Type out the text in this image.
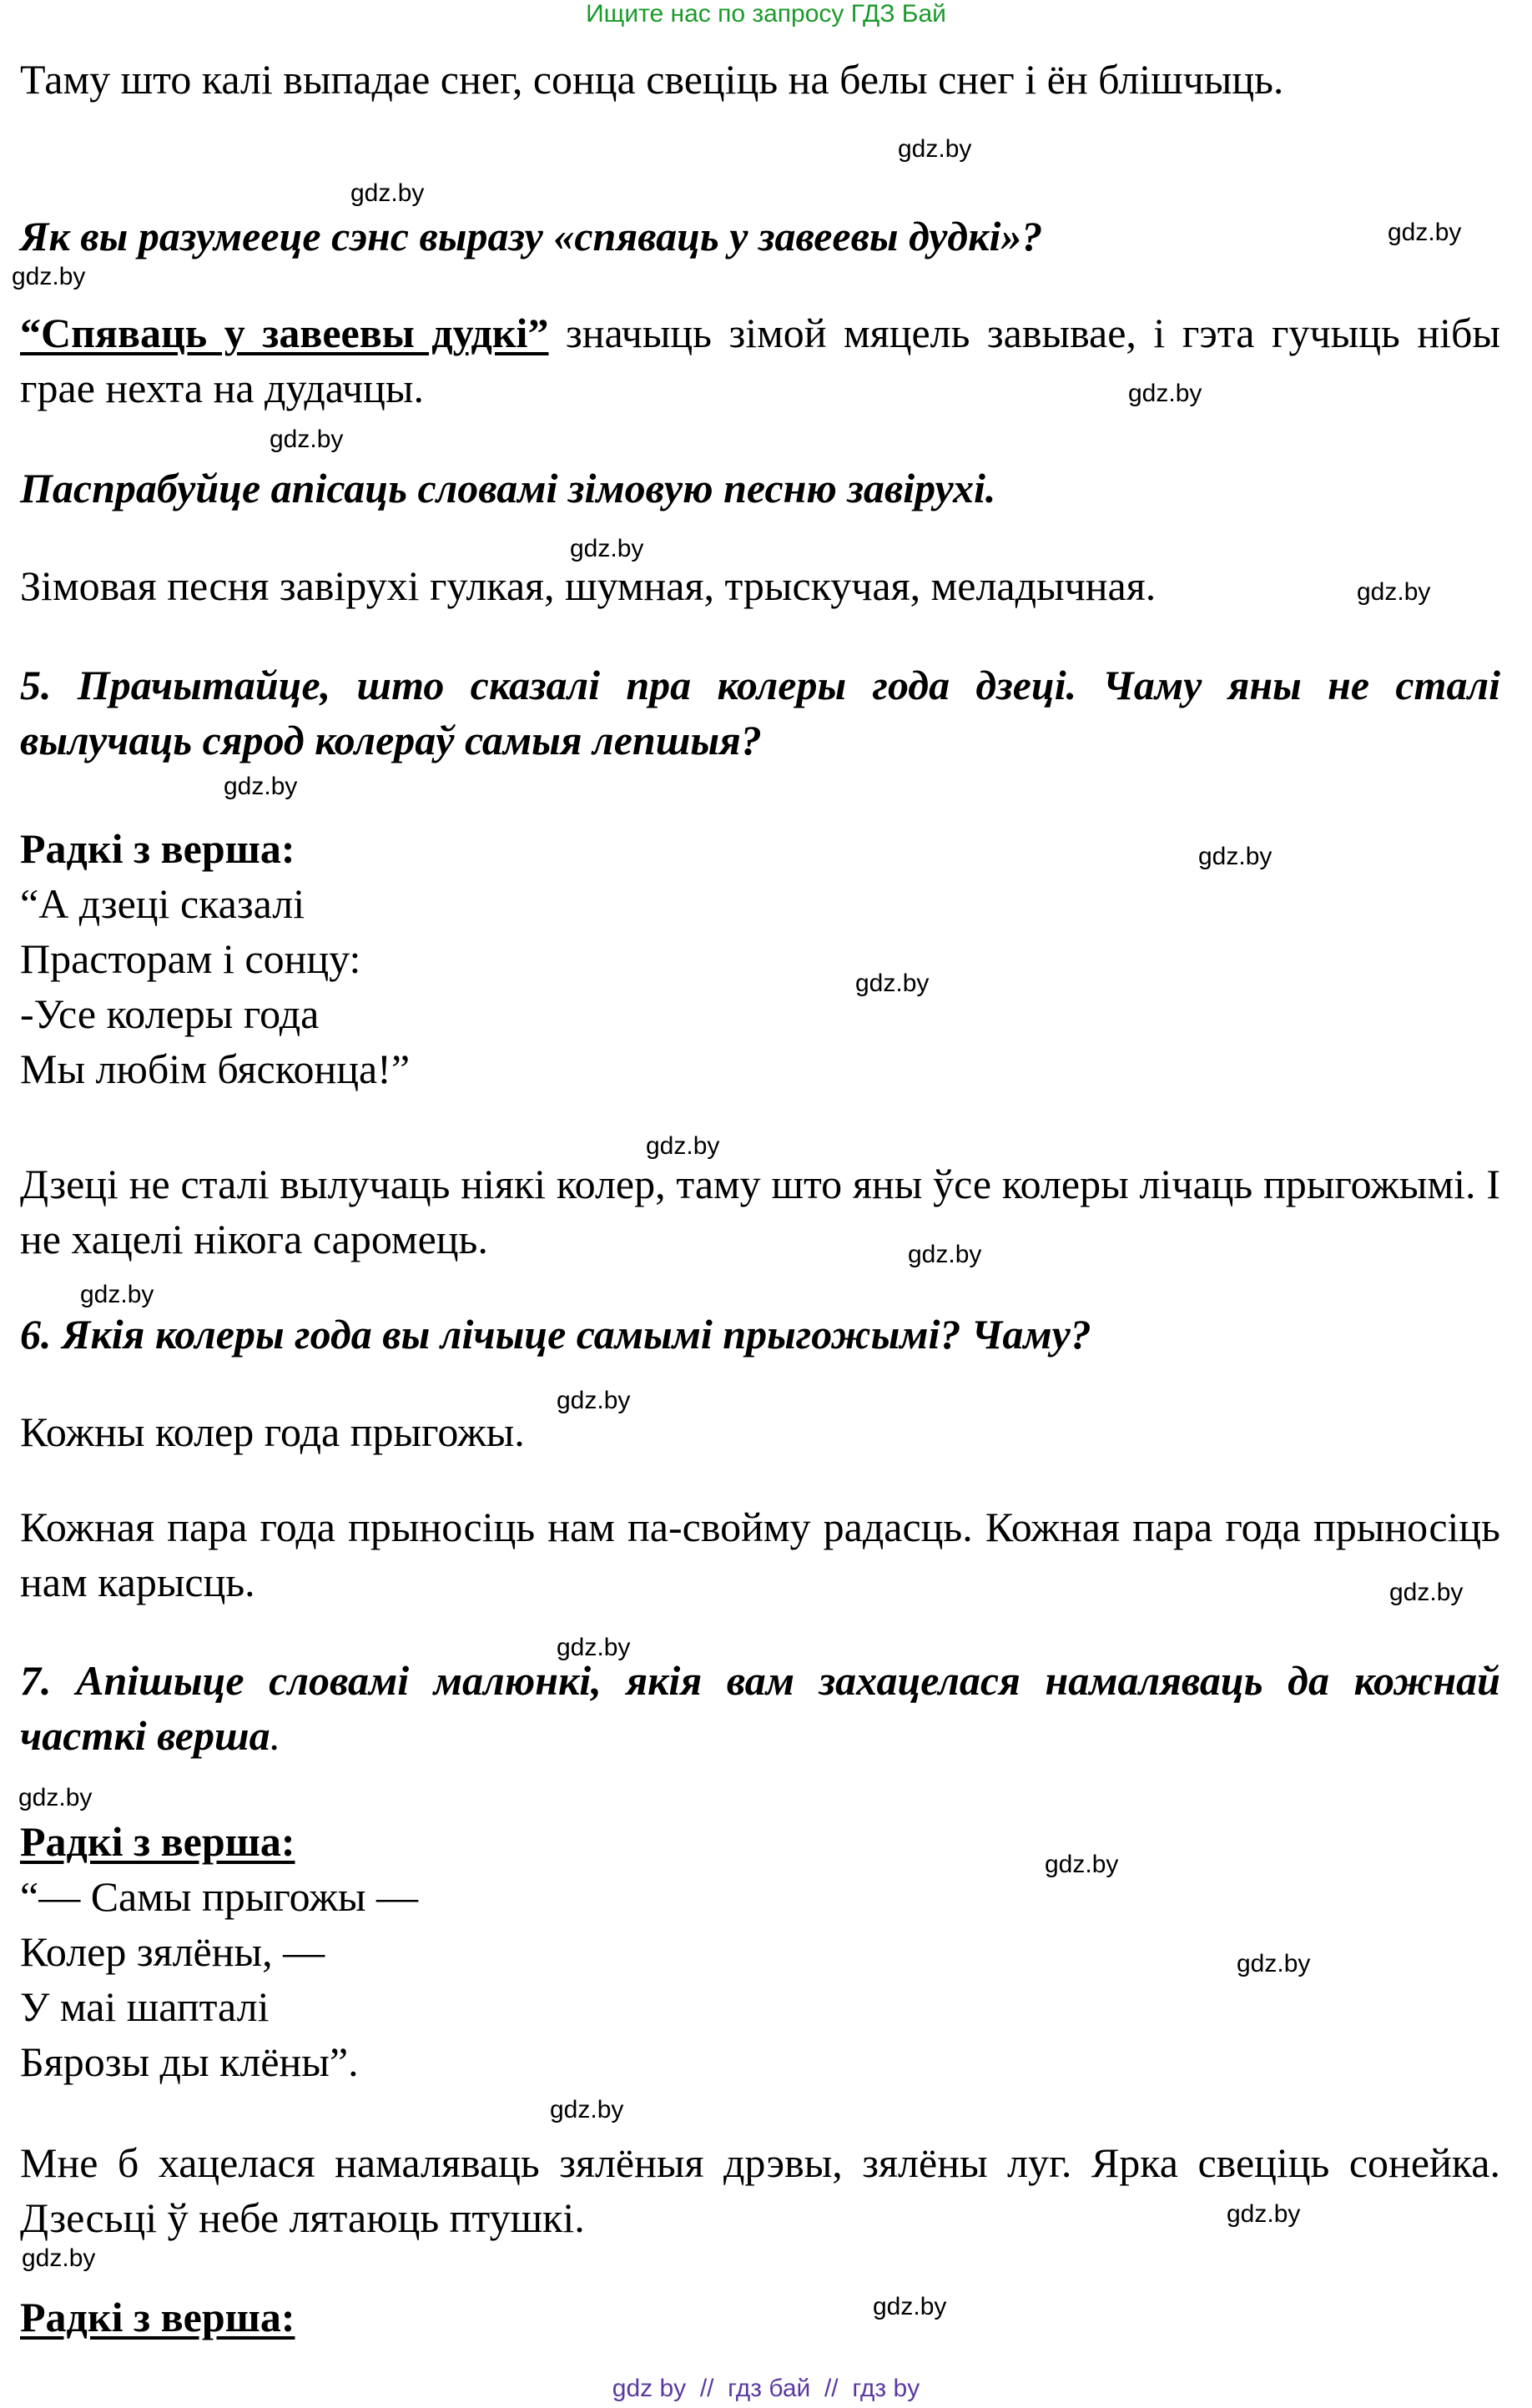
Ищите нас по запросу ГДЗ Бай

Таму што калі выпадае снег, сонца свеціць на белы снег і ён блішчыць.

Як вы разумееце сэнс выразу «спяваць у завеевы дудкі»?

“Спяваць у завеевы дудкі” значыць зімой мяцель завывае, і гэта гучыць нібы грае нехта на дудачцы.

Паспрабуйце апісаць словамі зімовую песню завірухі.

Зімовая песня завірухі гулкая, шумная, трыскучая, меладычная.

5. Прачытайце, што сказалі пра колеры года дзеці. Чаму яны не сталі вылучаць сярод колераў самыя лепшыя?

Радкі з верша:

“А дзеці сказалі
Прасторам і сонцу:
-Усе колеры года
Мы любім бясконца!”

Дзеці не сталі вылучаць ніякі колер, таму што яны ўсе колеры лічаць прыгожымі. І не хацелі нікога саромець.

6. Якія колеры года вы лічыце самымі прыгожымі? Чаму?

Кожны колер года прыгожы.

Кожная пара года прыносіць нам па-свойму радасць. Кожная пара года прыносіць нам карысць.

7. Апішыце словамі малюнкі, якія вам захацелася намаляваць да кожнай часткі верша.

Радкі з верша:

“— Самы прыгожы —
Колер зялёны, —
У маі шапталі
Бярозы ды клёны”.

Мне б хацелася намаляваць зялёныя дрэвы, зялёны луг. Ярка свеціць сонейка. Дзесьці ў небе лятаюць птушкі.

Радкі з верша:

gdz.by
gdz.by
gdz.by
gdz.by
gdz.by
gdz.by
gdz.by
gdz.by
gdz.by
gdz.by
gdz.by
gdz.by
gdz.by
gdz.by
gdz.by
gdz.by
gdz.by
gdz.by
gdz.by
gdz.by
gdz.by
gdz.by
gdz.by
gdz.by
gdz by  //  гдз бай  //  гдз by
